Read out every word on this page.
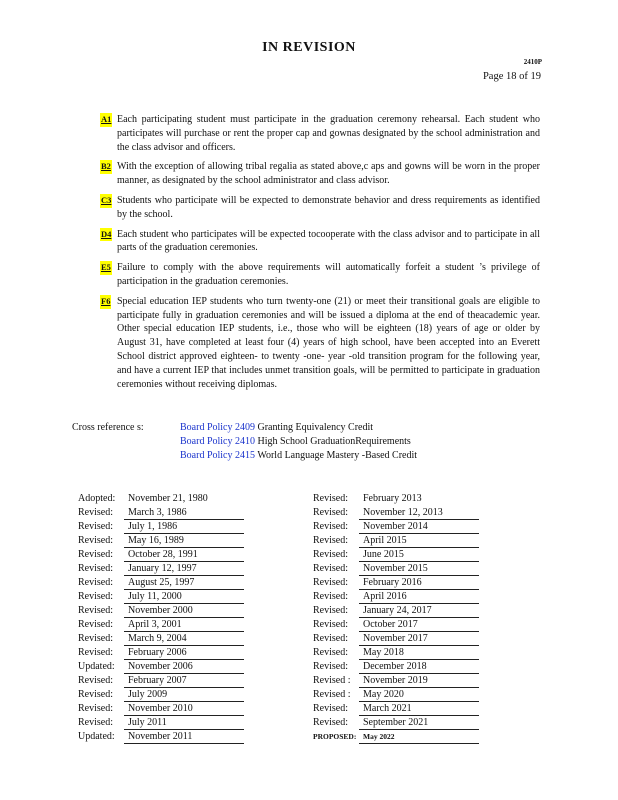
IN REVISION
2410P
Page 18 of 19
A1 Each participating student must participate in the graduation ceremony rehearsal. Each student who participates will purchase or rent the proper cap and gownas designated by the school administration and the class advisor and officers.
B2 With the exception of allowing tribal regalia as stated above,c aps and gowns will be worn in the proper manner, as designated by the school administrator and class advisor.
C3 Students who participate will be expected to demonstrate behavior and dress requirements as identified by the school.
D4 Each student who participates will be expected tocooperate with the class advisor and to participate in all parts of the graduation ceremonies.
E5 Failure to comply with the above requirements will automatically forfeit a student ’s privilege of participation in the graduation ceremonies.
F6 Special education IEP students who turn twenty-one (21) or meet their transitional goals are eligible to participate fully in graduation ceremonies and will be issued a diploma at the end of theacademic year. Other special education IEP students, i.e., those who will be eighteen (18) years of age or older by August 31, have completed at least four (4) years of high school, have been accepted into an Everett School district approved eighteen- to twenty -one- year -old transition program for the following year, and have a current IEP that includes unmet transition goals, will be permitted to participate in graduation ceremonies without receiving diplomas.
Cross reference s:	Board Policy 2409 Granting Equivalency Credit
Board Policy 2410 High School GraduationRequirements
Board Policy 2415 World Language Mastery -Based Credit
Adopted:	November 21, 1980
Revised:	March 3, 1986
Revised:	July 1, 1986
Revised:	May 16, 1989
Revised:	October 28, 1991
Revised:	January 12, 1997
Revised:	August 25, 1997
Revised:	July 11, 2000
Revised:	November 2000
Revised:	April 3, 2001
Revised:	March 9, 2004
Revised:	February 2006
Updated:	November 2006
Revised:	February 2007
Revised:	July 2009
Revised:	November 2010
Revised:	July 2011
Updated:	November 2011
Revised:	February 2013
Revised:	November 12, 2013
Revised:	November 2014
Revised:	April 2015
Revised:	June 2015
Revised:	November 2015
Revised:	February 2016
Revised:	April 2016
Revised:	January 24, 2017
Revised:	October 2017
Revised:	November 2017
Revised:	May 2018
Revised:	December 2018
Revised :	November 2019
Revised :	May 2020
Revised:	March 2021
Revised:	September 2021
PROPOSED: May 2022
